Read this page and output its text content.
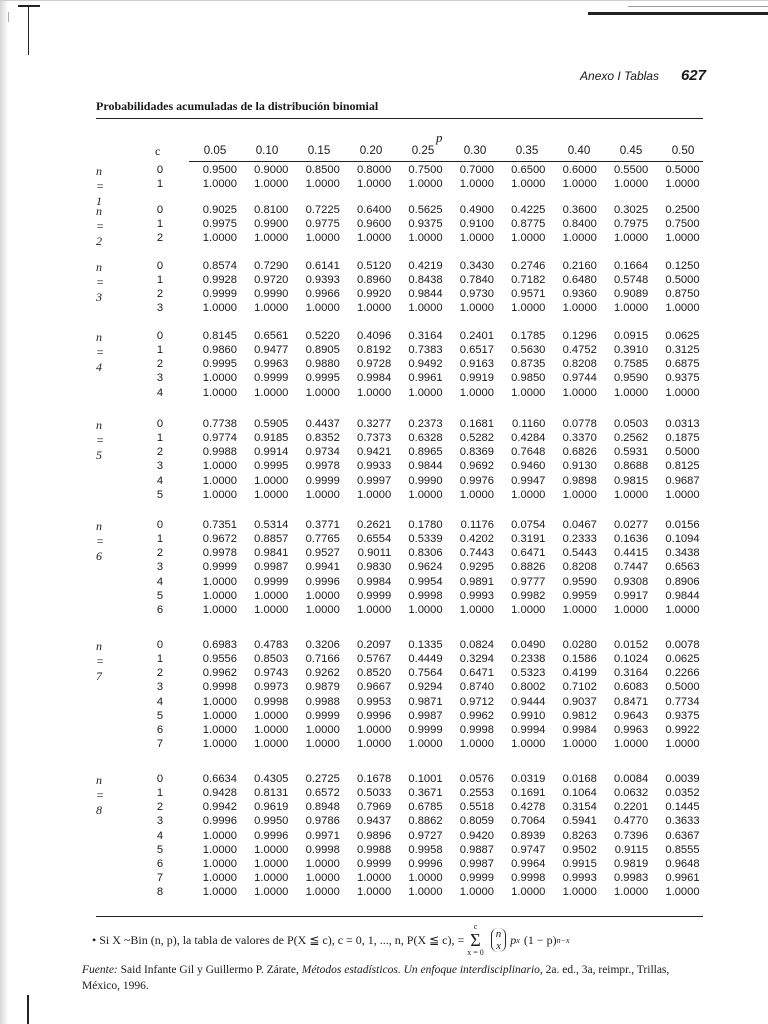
Anexo I Tablas 627
Probabilidades acumuladas de la distribución binomial
p
c	0.05	0.10	0.15	0.20	0.25	0.30	0.35	0.40	0.45	0.50
n = 1
0	0.9500	0.9000	0.8500	0.8000	0.7500	0.7000	0.6500	0.6000	0.5500	0.5000
1	1.0000	1.0000	1.0000	1.0000	1.0000	1.0000	1.0000	1.0000	1.0000	1.0000
n = 2
0	0.9025	0.8100	0.7225	0.6400	0.5625	0.4900	0.4225	0.3600	0.3025	0.2500
1	0.9975	0.9900	0.9775	0.9600	0.9375	0.9100	0.8775	0.8400	0.7975	0.7500
2	1.0000	1.0000	1.0000	1.0000	1.0000	1.0000	1.0000	1.0000	1.0000	1.0000
n = 3
0	0.8574	0.7290	0.6141	0.5120	0.4219	0.3430	0.2746	0.2160	0.1664	0.1250
1	0.9928	0.9720	0.9393	0.8960	0.8438	0.7840	0.7182	0.6480	0.5748	0.5000
2	0.9999	0.9990	0.9966	0.9920	0.9844	0.9730	0.9571	0.9360	0.9089	0.8750
3	1.0000	1.0000	1.0000	1.0000	1.0000	1.0000	1.0000	1.0000	1.0000	1.0000
n = 4
0	0.8145	0.6561	0.5220	0.4096	0.3164	0.2401	0.1785	0.1296	0.0915	0.0625
1	0.9860	0.9477	0.8905	0.8192	0.7383	0.6517	0.5630	0.4752	0.3910	0.3125
2	0.9995	0.9963	0.9880	0.9728	0.9492	0.9163	0.8735	0.8208	0.7585	0.6875
3	1.0000	0.9999	0.9995	0.9984	0.9961	0.9919	0.9850	0.9744	0.9590	0.9375
4	1.0000	1.0000	1.0000	1.0000	1.0000	1.0000	1.0000	1.0000	1.0000	1.0000
n = 5
0	0.7738	0.5905	0.4437	0.3277	0.2373	0.1681	0.1160	0.0778	0.0503	0.0313
1	0.9774	0.9185	0.8352	0.7373	0.6328	0.5282	0.4284	0.3370	0.2562	0.1875
2	0.9988	0.9914	0.9734	0.9421	0.8965	0.8369	0.7648	0.6826	0.5931	0.5000
3	1.0000	0.9995	0.9978	0.9933	0.9844	0.9692	0.9460	0.9130	0.8688	0.8125
4	1.0000	1.0000	0.9999	0.9997	0.9990	0.9976	0.9947	0.9898	0.9815	0.9687
5	1.0000	1.0000	1.0000	1.0000	1.0000	1.0000	1.0000	1.0000	1.0000	1.0000
n = 6
0	0.7351	0.5314	0.3771	0.2621	0.1780	0.1176	0.0754	0.0467	0.0277	0.0156
1	0.9672	0.8857	0.7765	0.6554	0.5339	0.4202	0.3191	0.2333	0.1636	0.1094
2	0.9978	0.9841	0.9527	0.9011	0.8306	0.7443	0.6471	0.5443	0.4415	0.3438
3	0.9999	0.9987	0.9941	0.9830	0.9624	0.9295	0.8826	0.8208	0.7447	0.6563
4	1.0000	0.9999	0.9996	0.9984	0.9954	0.9891	0.9777	0.9590	0.9308	0.8906
5	1.0000	1.0000	1.0000	0.9999	0.9998	0.9993	0.9982	0.9959	0.9917	0.9844
6	1.0000	1.0000	1.0000	1.0000	1.0000	1.0000	1.0000	1.0000	1.0000	1.0000
n = 7
0	0.6983	0.4783	0.3206	0.2097	0.1335	0.0824	0.0490	0.0280	0.0152	0.0078
1	0.9556	0.8503	0.7166	0.5767	0.4449	0.3294	0.2338	0.1586	0.1024	0.0625
2	0.9962	0.9743	0.9262	0.8520	0.7564	0.6471	0.5323	0.4199	0.3164	0.2266
3	0.9998	0.9973	0.9879	0.9667	0.9294	0.8740	0.8002	0.7102	0.6083	0.5000
4	1.0000	0.9998	0.9988	0.9953	0.9871	0.9712	0.9444	0.9037	0.8471	0.7734
5	1.0000	1.0000	0.9999	0.9996	0.9987	0.9962	0.9910	0.9812	0.9643	0.9375
6	1.0000	1.0000	1.0000	1.0000	0.9999	0.9998	0.9994	0.9984	0.9963	0.9922
7	1.0000	1.0000	1.0000	1.0000	1.0000	1.0000	1.0000	1.0000	1.0000	1.0000
n = 8
0	0.6634	0.4305	0.2725	0.1678	0.1001	0.0576	0.0319	0.0168	0.0084	0.0039
1	0.9428	0.8131	0.6572	0.5033	0.3671	0.2553	0.1691	0.1064	0.0632	0.0352
2	0.9942	0.9619	0.8948	0.7969	0.6785	0.5518	0.4278	0.3154	0.2201	0.1445
3	0.9996	0.9950	0.9786	0.9437	0.8862	0.8059	0.7064	0.5941	0.4770	0.3633
4	1.0000	0.9996	0.9971	0.9896	0.9727	0.9420	0.8939	0.8263	0.7396	0.6367
5	1.0000	1.0000	0.9998	0.9988	0.9958	0.9887	0.9747	0.9502	0.9115	0.8555
6	1.0000	1.0000	1.0000	0.9999	0.9996	0.9987	0.9964	0.9915	0.9819	0.9648
7	1.0000	1.0000	1.0000	1.0000	1.0000	0.9999	0.9998	0.9993	0.9983	0.9961
8	1.0000	1.0000	1.0000	1.0000	1.0000	1.0000	1.0000	1.0000	1.0000	1.0000
• Si X ~Bin (n, p), la tabla de valores de P(X ≦ c), c = 0, 1, ..., n, P(X ≦ c), =
c
Σ
x = 0
n
x p x (1 − p) n−x
Fuente: Said Infante Gil y Guillermo P. Zárate, Métodos estadísticos. Un enfoque interdisciplinario, 2a. ed., 3a, reimpr., Trillas, México, 1996.
